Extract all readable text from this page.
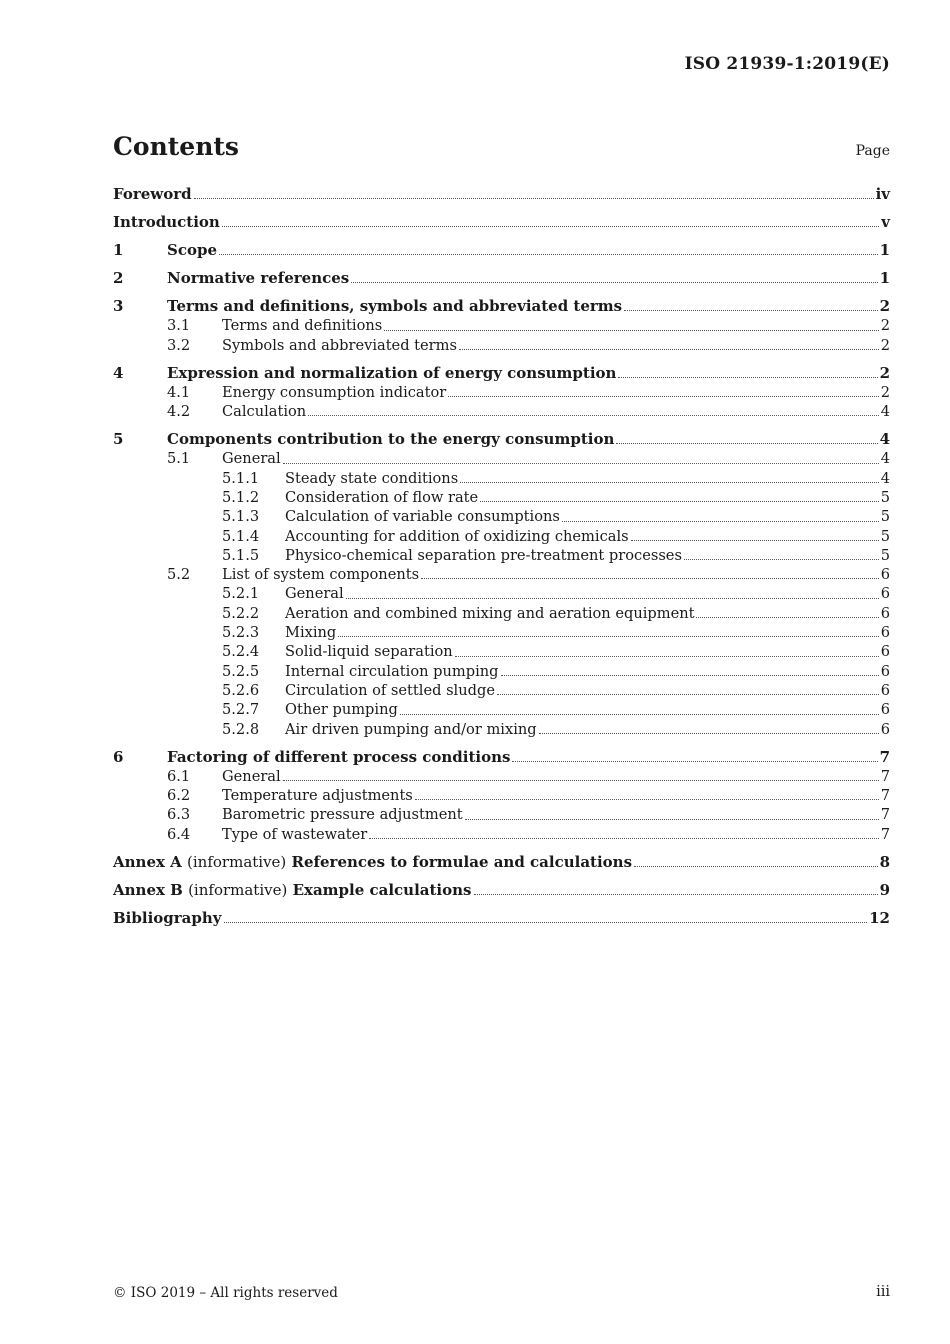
ISO 21939-1:2019(E)
Contents	Page
Foreword	iv
Introduction	v
1	Scope	1
2	Normative references	1
3	Terms and definitions, symbols and abbreviated terms	2
3.1	Terms and definitions	2
3.2	Symbols and abbreviated terms	2
4	Expression and normalization of energy consumption	2
4.1	Energy consumption indicator	2
4.2	Calculation	4
5	Components contribution to the energy consumption	4
5.1	General	4
5.1.1	Steady state conditions	4
5.1.2	Consideration of flow rate	5
5.1.3	Calculation of variable consumptions	5
5.1.4	Accounting for addition of oxidizing chemicals	5
5.1.5	Physico-chemical separation pre-treatment processes	5
5.2	List of system components	6
5.2.1	General	6
5.2.2	Aeration and combined mixing and aeration equipment	6
5.2.3	Mixing	6
5.2.4	Solid-liquid separation	6
5.2.5	Internal circulation pumping	6
5.2.6	Circulation of settled sludge	6
5.2.7	Other pumping	6
5.2.8	Air driven pumping and/or mixing	6
6	Factoring of different process conditions	7
6.1	General	7
6.2	Temperature adjustments	7
6.3	Barometric pressure adjustment	7
6.4	Type of wastewater	7
Annex A (informative) References to formulae and calculations	8
Annex B (informative) Example calculations	9
Bibliography	12
© ISO 2019 – All rights reserved	iii
